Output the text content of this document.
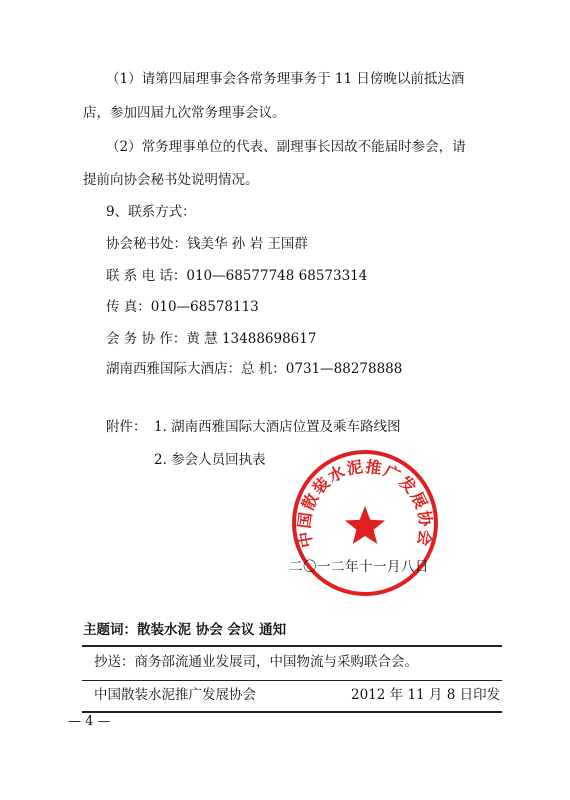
（1）请第四届理事会各常务理事务于 11 日傍晚以前抵达酒
店，参加四届九次常务理事会议。
（2）常务理事单位的代表、副理事长因故不能届时参会，请
提前向协会秘书处说明情况。
9、联系方式：
协会秘书处：钱美华 孙 岩 王国群
联 系 电 话：010—68577748 68573314
传 真：010—68578113
会 务 协 作：黄 慧 13488698617
湖南西雅国际大酒店：总 机：0731—88278888
附件： 1. 湖南西雅国际大酒店位置及乘车路线图
2. 参会人员回执表
中国散装水泥推广发展协会
二〇一二年十一月八日
主题词：散装水泥 协会 会议 通知
抄送：商务部流通业发展司，中国物流与采购联合会。
中国散装水泥推广发展协会	2012 年 11 月 8 日印发
— 4 —
